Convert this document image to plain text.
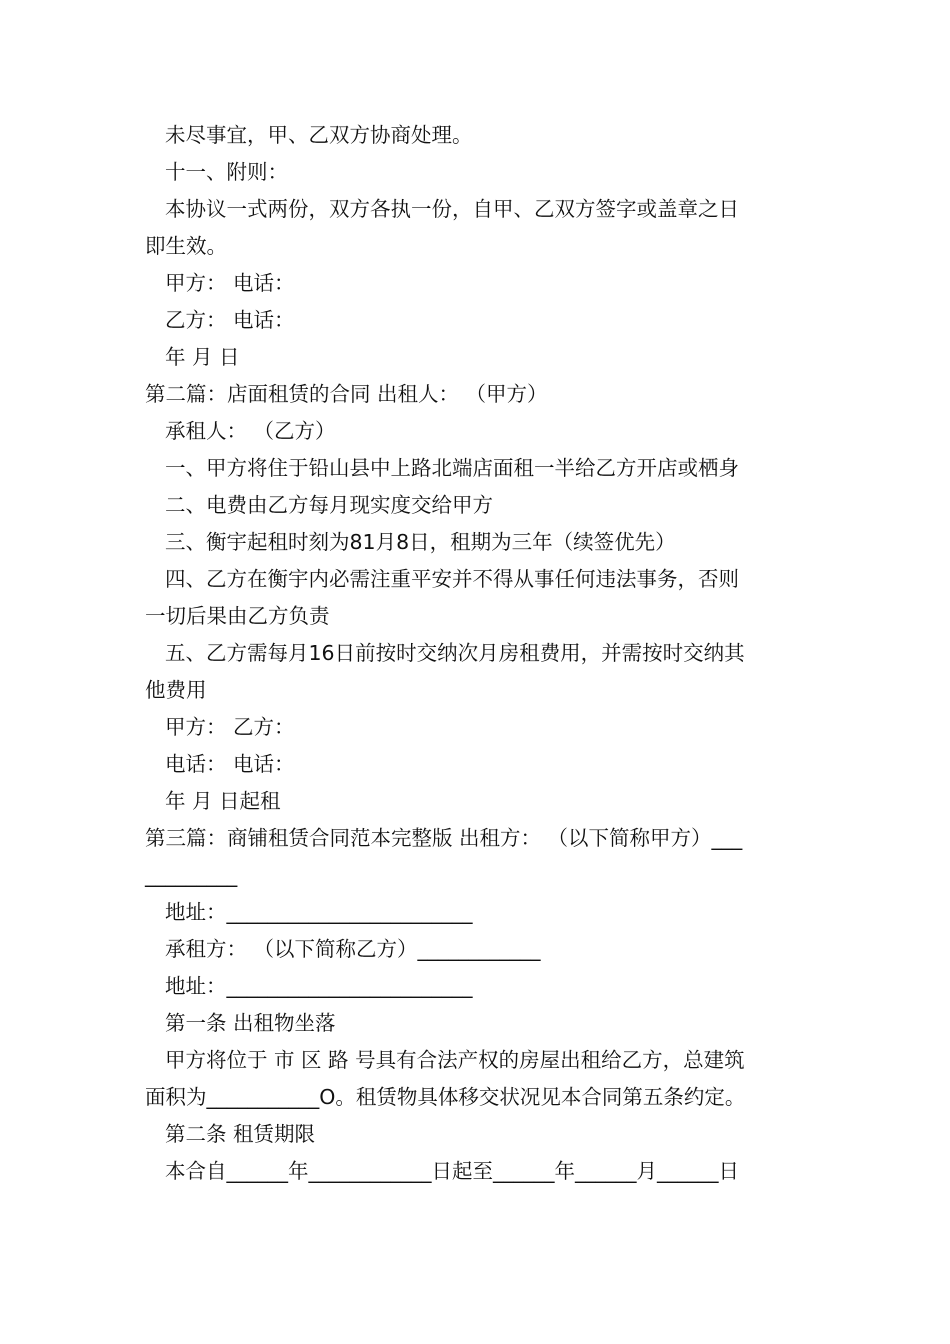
未尽事宜，甲、乙双方协商处理。

十一、附则：

本协议一式两份，双方各执一份，自甲、乙双方签字或盖章之日

即生效。

甲方： 电话：

乙方： 电话：

年 月 日

第二篇：店面租赁的合同 出租人： （甲方）

承租人： （乙方）

一、甲方将住于铅山县中上路北端店面租一半给乙方开店或栖身

二、电费由乙方每月现实度交给甲方

三、衡宇起租时刻为81月8日，租期为三年（续签优先）

四、乙方在衡宇内必需注重平安并不得从事任何违法事务，否则

一切后果由乙方负责

五、乙方需每月16日前按时交纳次月房租费用，并需按时交纳其

他费用

甲方： 乙方：

电话： 电话：

年 月 日起租

第三篇：商铺租赁合同范本完整版 出租方： （以下简称甲方）___

_________

地址：________________________

承租方： （以下简称乙方）____________

地址：________________________

第一条 出租物坐落

甲方将位于 市 区 路 号具有合法产权的房屋出租给乙方，总建筑

面积为___________O。租赁物具体移交状况见本合同第五条约定。

第二条 租赁期限

本合自______年____________日起至______年______月______日
